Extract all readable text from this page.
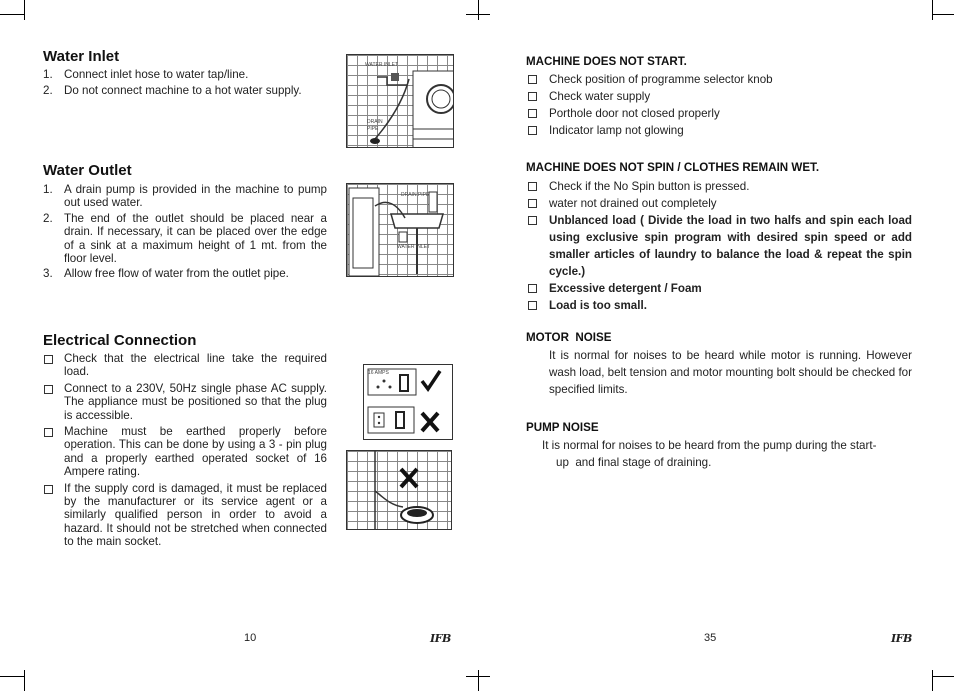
Water Inlet
1. Connect inlet hose to water tap/line.
2. Do not connect machine to a hot water supply.
WATER INLET
DRAIN
PIPE
Water Outlet
1. A drain pump is provided in the machine to pump out used water.
2. The end of the outlet should be placed near a drain. If necessary, it can be placed over the edge of a sink at a maximum height of 1 mt. from the floor level.
3. Allow free flow of water from the outlet pipe.
DRAIN PIPE
WATER INLET
Electrical Connection
Check that the electrical line take the required load.
Connect to a 230V, 50Hz single phase AC supply. The appliance must be positioned so that the plug is accessible.
Machine must be earthed properly before operation. This can be done by using a 3 - pin plug and a properly earthed operated socket of 16 Ampere rating.
If the supply cord is damaged, it must be replaced by the manufacturer or its service agent or a similarly qualified person in order to avoid a hazard. It should not be stretched when connected to the main socket.
16 AMPS
10	IFB
MACHINE DOES NOT START.
Check position of programme selector knob
Check water supply
Porthole door not closed properly
Indicator lamp not glowing
MACHINE DOES NOT SPIN / CLOTHES REMAIN WET.
Check if the No Spin button is pressed.
water not drained out completely
Unblanced load ( Divide the load in two halfs and spin each load using exclusive spin program with desired spin speed or add smaller articles of laundry to balance the load & repeat the spin cycle.)
Excessive detergent / Foam
Load is too small.
MOTOR  NOISE

It is normal for noises to be heard while motor is running. However wash load, belt tension and motor mounting bolt should be checked for specified limits.

PUMP NOISE

It is normal for noises to be heard from the pump during the start-

up  and final stage of draining.

35	IFB
